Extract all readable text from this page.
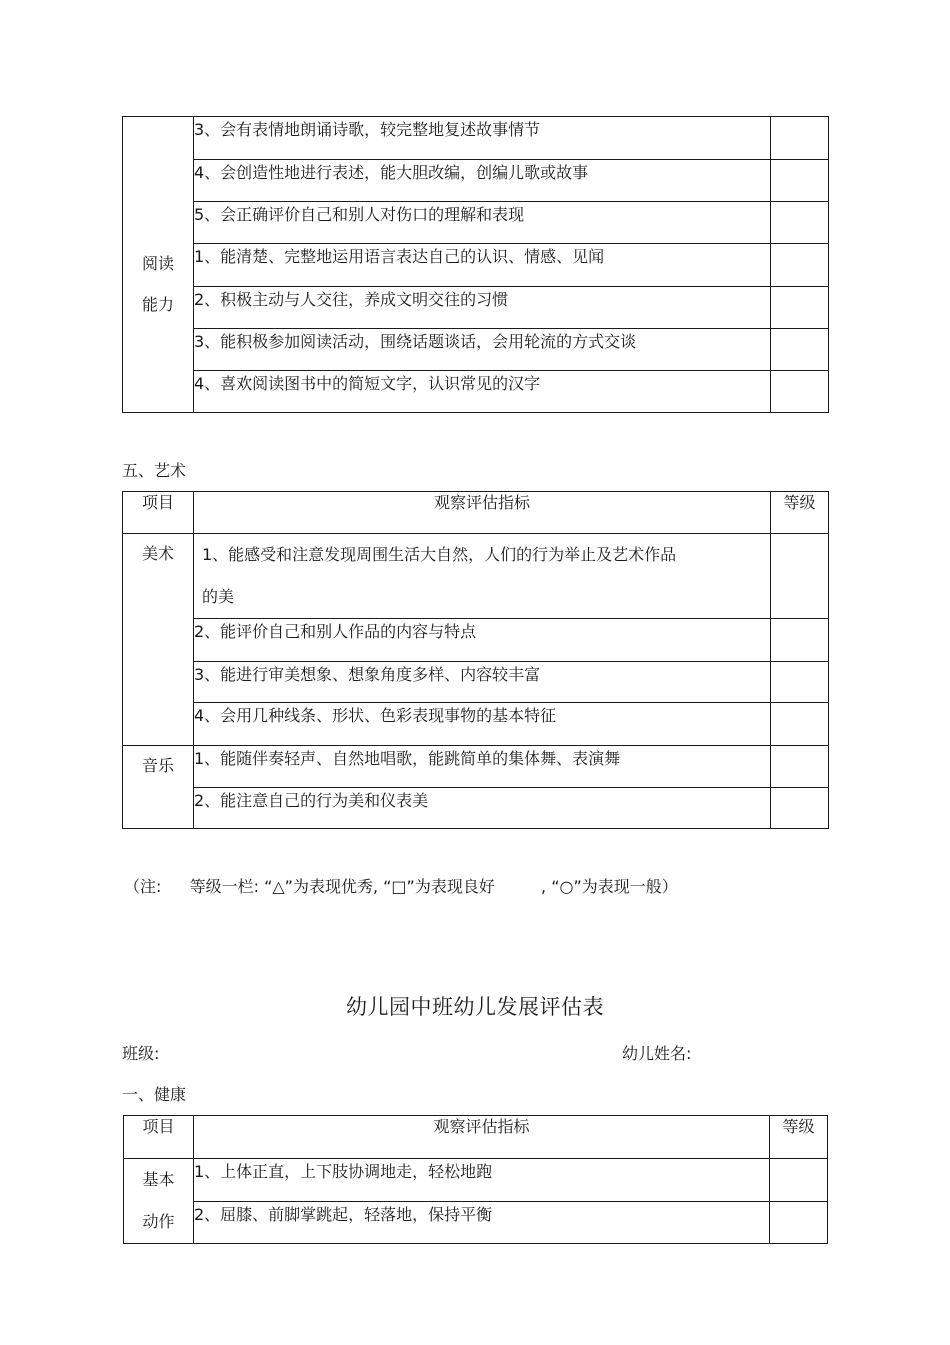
阅读
能力	3、会有表情地朗诵诗歌，较完整地复述故事情节	
	4、会创造性地进行表述，能大胆改编，创编儿歌或故事	
	5、会正确评价自己和别人对伤口的理解和表现	
	1、能清楚、完整地运用语言表达自己的认识、情感、见闻	
	2、积极主动与人交往，养成文明交往的习惯	
	3、能积极参加阅读活动，围绕话题谈话，会用轮流的方式交谈	
	4、喜欢阅读图书中的简短文字，认识常见的汉字	
五、艺术
项目	观察评估指标	等级
美术	1、能感受和注意发现周围生活大自然，人们的行为举止及艺术作品
的美	

	2、能评价自己和别人作品的内容与特点	
	3、能进行审美想象、想象角度多样、内容较丰富	
	4、会用几种线条、形状、色彩表现事物的基本特征	
音乐	1、能随伴奏轻声、自然地唱歌，能跳简单的集体舞、表演舞	
	2、能注意自己的行为美和仪表美	
（注: 等级一栏: “△”为表现优秀, “□”为表现良好	, “○”为表现一般）
幼儿园中班幼儿发展评估表
班级:	幼儿姓名:
一、健康
项目	观察评估指标	等级

基本
动作	1、上体正直，上下肢协调地走，轻松地跑	
	2、屈膝、前脚掌跳起，轻落地，保持平衡	
